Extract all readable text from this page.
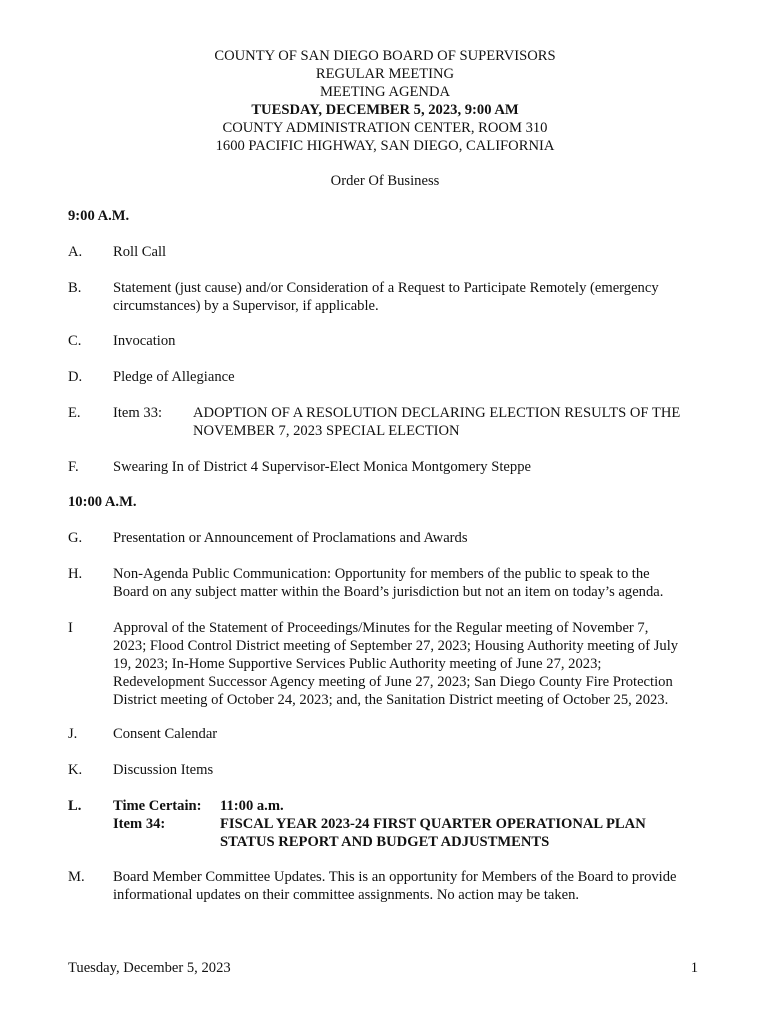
COUNTY OF SAN DIEGO BOARD OF SUPERVISORS
REGULAR MEETING
MEETING AGENDA
TUESDAY, DECEMBER 5, 2023, 9:00 AM
COUNTY ADMINISTRATION CENTER, ROOM 310
1600 PACIFIC HIGHWAY, SAN DIEGO, CALIFORNIA
Order Of Business
9:00 A.M.
A. Roll Call
B. Statement (just cause) and/or Consideration of a Request to Participate Remotely (emergency
circumstances) by a Supervisor, if applicable.
C. Invocation
D. Pledge of Allegiance
E. Item 33:	ADOPTION OF A RESOLUTION DECLARING ELECTION RESULTS OF THE
NOVEMBER 7, 2023 SPECIAL ELECTION
F. Swearing In of District 4 Supervisor-Elect Monica Montgomery Steppe
10:00 A.M.
G. Presentation or Announcement of Proclamations and Awards
H. Non-Agenda Public Communication: Opportunity for members of the public to speak to the
Board on any subject matter within the Board’s jurisdiction but not an item on today’s agenda.
I	Approval of the Statement of Proceedings/Minutes for the Regular meeting of November 7,
2023; Flood Control District meeting of September 27, 2023; Housing Authority meeting of July
19, 2023; In-Home Supportive Services Public Authority meeting of June 27, 2023;
Redevelopment Successor Agency meeting of June 27, 2023; San Diego County Fire Protection
District meeting of October 24, 2023; and, the Sanitation District meeting of October 25, 2023.
J. Consent Calendar
K. Discussion Items
L. Time Certain:	11:00 a.m.
Item 34:	FISCAL YEAR 2023-24 FIRST QUARTER OPERATIONAL PLAN
STATUS REPORT AND BUDGET ADJUSTMENTS
M. Board Member Committee Updates. This is an opportunity for Members of the Board to provide
informational updates on their committee assignments. No action may be taken.
Tuesday, December 5, 2023	1
